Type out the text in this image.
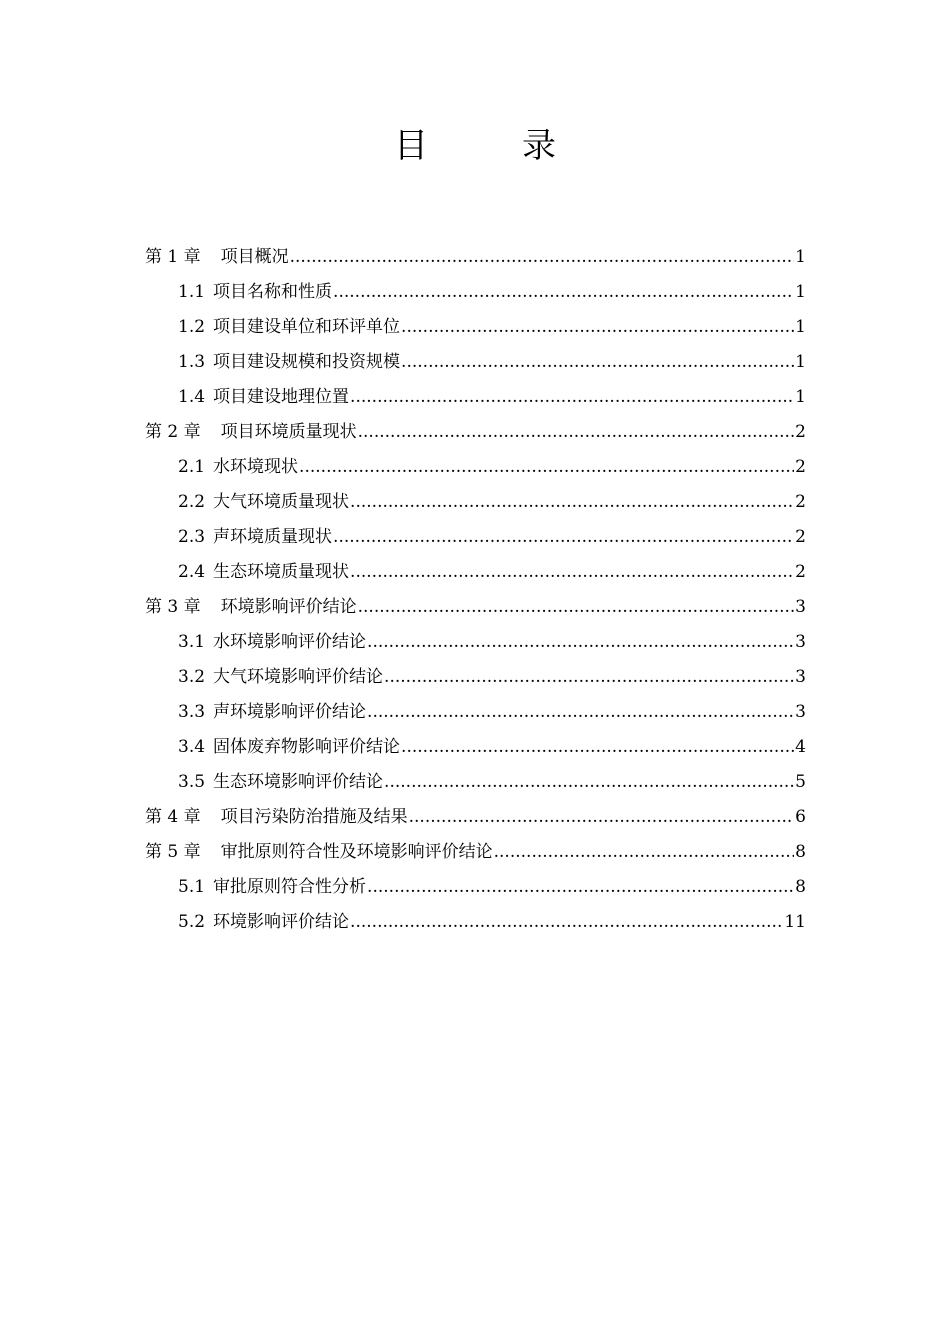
目　录
第 1 章 项目概况 .....	1
1.1 项目名称和性质 .....	1
1.2 项目建设单位和环评单位 .....	1
1.3 项目建设规模和投资规模 .....	1
1.4 项目建设地理位置 .....	1
第 2 章 项目环境质量现状 .....	2
2.1 水环境现状 .....	2
2.2 大气环境质量现状 .....	2
2.3 声环境质量现状 .....	2
2.4 生态环境质量现状 .....	2
第 3 章 环境影响评价结论 .....	3
3.1 水环境影响评价结论 .....	3
3.2 大气环境影响评价结论 .....	3
3.3 声环境影响评价结论 .....	3
3.4 固体废弃物影响评价结论 .....	4
3.5 生态环境影响评价结论 .....	5
第 4 章 项目污染防治措施及结果 .....	6
第 5 章 审批原则符合性及环境影响评价结论 .....	8
5.1 审批原则符合性分析 .....	8
5.2 环境影响评价结论 .....	11
